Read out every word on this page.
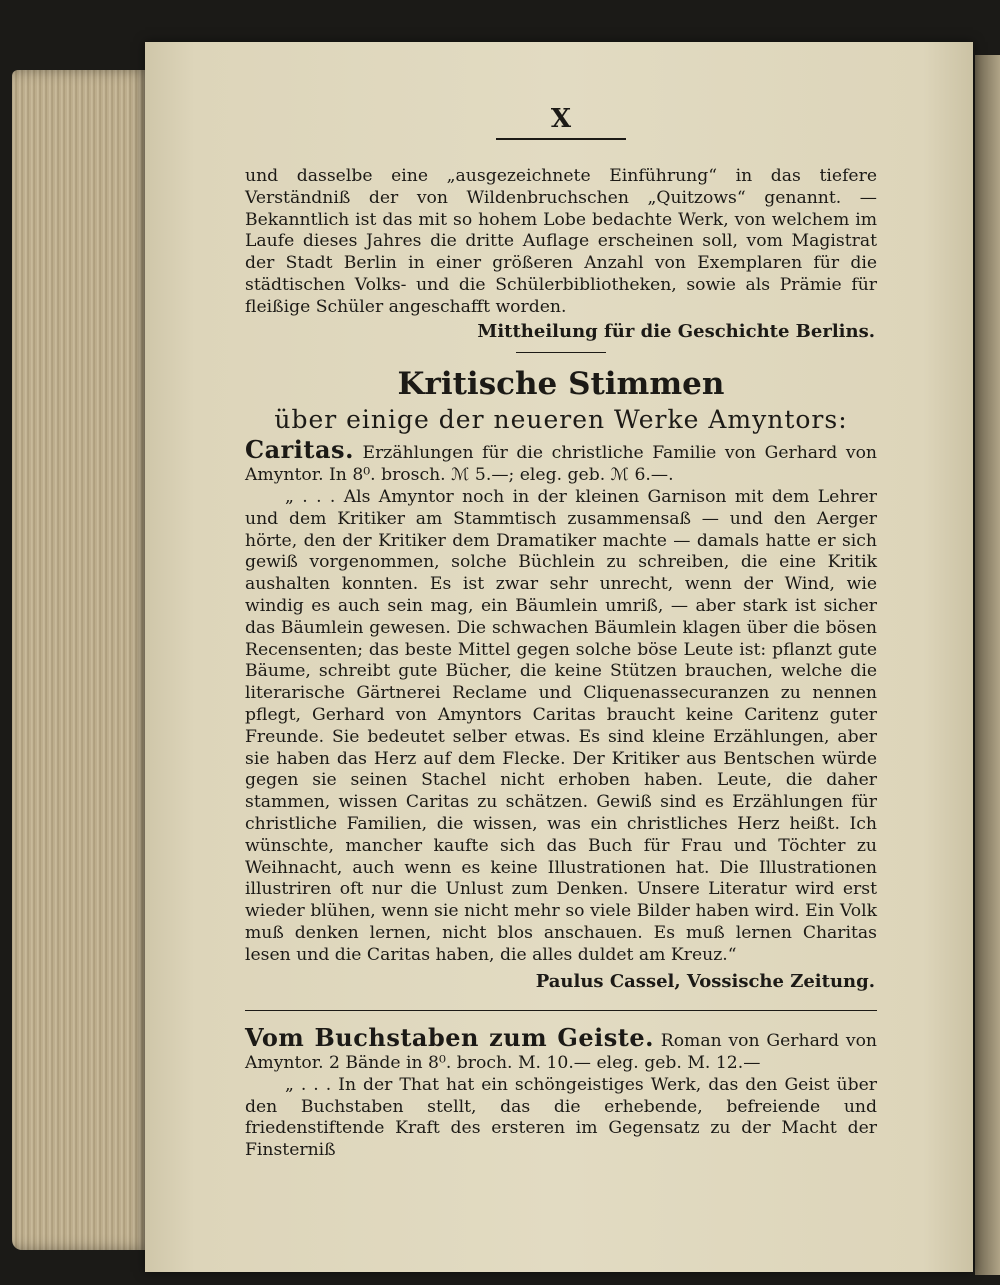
X

und dasselbe eine „ausgezeichnete Einführung“ in das tiefere Verständniß der von Wildenbruchschen „Quitzows“ genannt. — Bekanntlich ist das mit so hohem Lobe bedachte Werk, von welchem im Laufe dieses Jahres die dritte Auflage erscheinen soll, vom Magistrat der Stadt Berlin in einer größeren Anzahl von Exemplaren für die städtischen Volks- und die Schülerbibliotheken, sowie als Prämie für fleißige Schüler angeschafft worden.

Mittheilung für die Geschichte Berlins.
Kritische Stimmen
über einige der neueren Werke Amyntors:

Caritas. Erzählungen für die christliche Familie von Gerhard von Amyntor. In 8⁰. brosch. ℳ 5.—; eleg. geb. ℳ 6.—.

„ . . . Als Amyntor noch in der kleinen Garnison mit dem Lehrer und dem Kritiker am Stammtisch zusammensaß — und den Aerger hörte, den der Kritiker dem Dramatiker machte — damals hatte er sich gewiß vorgenommen, solche Büchlein zu schreiben, die eine Kritik aushalten konnten. Es ist zwar sehr unrecht, wenn der Wind, wie windig es auch sein mag, ein Bäumlein umriß, — aber stark ist sicher das Bäumlein gewesen. Die schwachen Bäumlein klagen über die bösen Recensenten; das beste Mittel gegen solche böse Leute ist: pflanzt gute Bäume, schreibt gute Bücher, die keine Stützen brauchen, welche die literarische Gärtnerei Reclame und Cliquenassecuranzen zu nennen pflegt, Gerhard von Amyntors Caritas braucht keine Caritenz guter Freunde. Sie bedeutet selber etwas. Es sind kleine Erzählungen, aber sie haben das Herz auf dem Flecke. Der Kritiker aus Bentschen würde gegen sie seinen Stachel nicht erhoben haben. Leute, die daher stammen, wissen Caritas zu schätzen. Gewiß sind es Erzählungen für christliche Familien, die wissen, was ein christliches Herz heißt. Ich wünschte, mancher kaufte sich das Buch für Frau und Töchter zu Weihnacht, auch wenn es keine Illustrationen hat. Die Illustrationen illustriren oft nur die Unlust zum Denken. Unsere Literatur wird erst wieder blühen, wenn sie nicht mehr so viele Bilder haben wird. Ein Volk muß denken lernen, nicht blos anschauen. Es muß lernen Charitas lesen und die Caritas haben, die alles duldet am Kreuz.“

Paulus Cassel, Vossische Zeitung.

Vom Buchstaben zum Geiste. Roman von Gerhard von Amyntor. 2 Bände in 8⁰. broch. M. 10.— eleg. geb. M. 12.—

„ . . . In der That hat ein schöngeistiges Werk, das den Geist über den Buchstaben stellt, das die erhebende, befreiende und friedenstiftende Kraft des ersteren im Gegensatz zu der Macht der Finsterniß
